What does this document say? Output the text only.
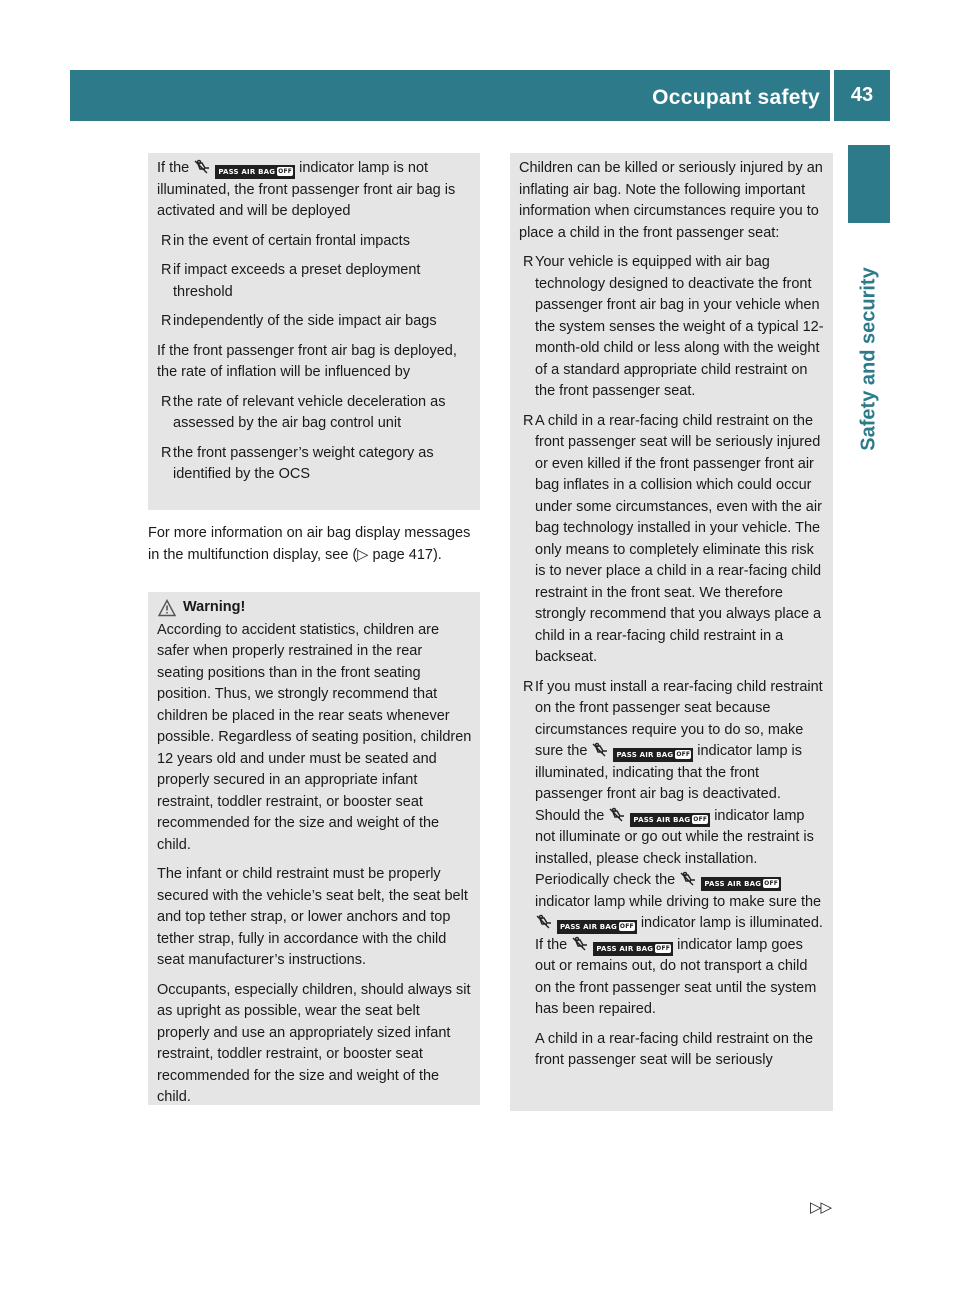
Occupant safety	43
Safety and security

If the	PASS AIR BAG OFF indicator lamp is not illuminated, the front passenger front air bag is activated and will be deployed

R in the event of certain frontal impacts
R if impact exceeds a preset deployment threshold
R independently of the side impact air bags

If the front passenger front air bag is deployed, the rate of inflation will be influenced by

R the rate of relevant vehicle deceleration as assessed by the air bag control unit
R the front passenger’s weight category as identified by the OCS

For more information on air bag display messages in the multifunction display, see (▷ page 417).

Warning!

According to accident statistics, children are safer when properly restrained in the rear seating positions than in the front seating position. Thus, we strongly recommend that children be placed in the rear seats whenever possible. Regardless of seating position, children 12 years old and under must be seated and properly secured in an appropriate infant restraint, toddler restraint, or booster seat recommended for the size and weight of the child.

The infant or child restraint must be properly secured with the vehicle’s seat belt, the seat belt and top tether strap, or lower anchors and top tether strap, fully in accordance with the child seat manufacturer’s instructions.

Occupants, especially children, should always sit as upright as possible, wear the seat belt properly and use an appropriately sized infant restraint, toddler restraint, or booster seat recommended for the size and weight of the child.

Children can be killed or seriously injured by an inflating air bag. Note the following important information when circumstances require you to place a child in the front passenger seat:

R Your vehicle is equipped with air bag technology designed to deactivate the front passenger front air bag in your vehicle when the system senses the weight of a typical 12-month-old child or less along with the weight of a standard appropriate child restraint on the front passenger seat.
R A child in a rear-facing child restraint on the front passenger seat will be seriously injured or even killed if the front passenger front air bag inflates in a collision which could occur under some circumstances, even with the air bag technology installed in your vehicle. The only means to completely eliminate this risk is to never place a child in a rear-facing child restraint in the front seat. We therefore strongly recommend that you always place a child in a rear-facing child restraint in a backseat.
R If you must install a rear-facing child restraint on the front passenger seat because circumstances require you to do so, make sure the	PASS AIR BAG OFF indicator lamp is illuminated, indicating that the front passenger front air bag is deactivated. Should the	PASS AIR BAG OFF indicator lamp not illuminate or go out while the restraint is installed, please check installation. Periodically check the	PASS AIR BAG OFF indicator lamp while driving to make sure the  PASS AIR BAG OFF indicator lamp is illuminated. If the	PASS AIR BAG OFF indicator lamp goes out or remains out, do not transport a child on the front passenger seat until the system has been repaired.

A child in a rear-facing child restraint on the front passenger seat will be seriously

▷▷
